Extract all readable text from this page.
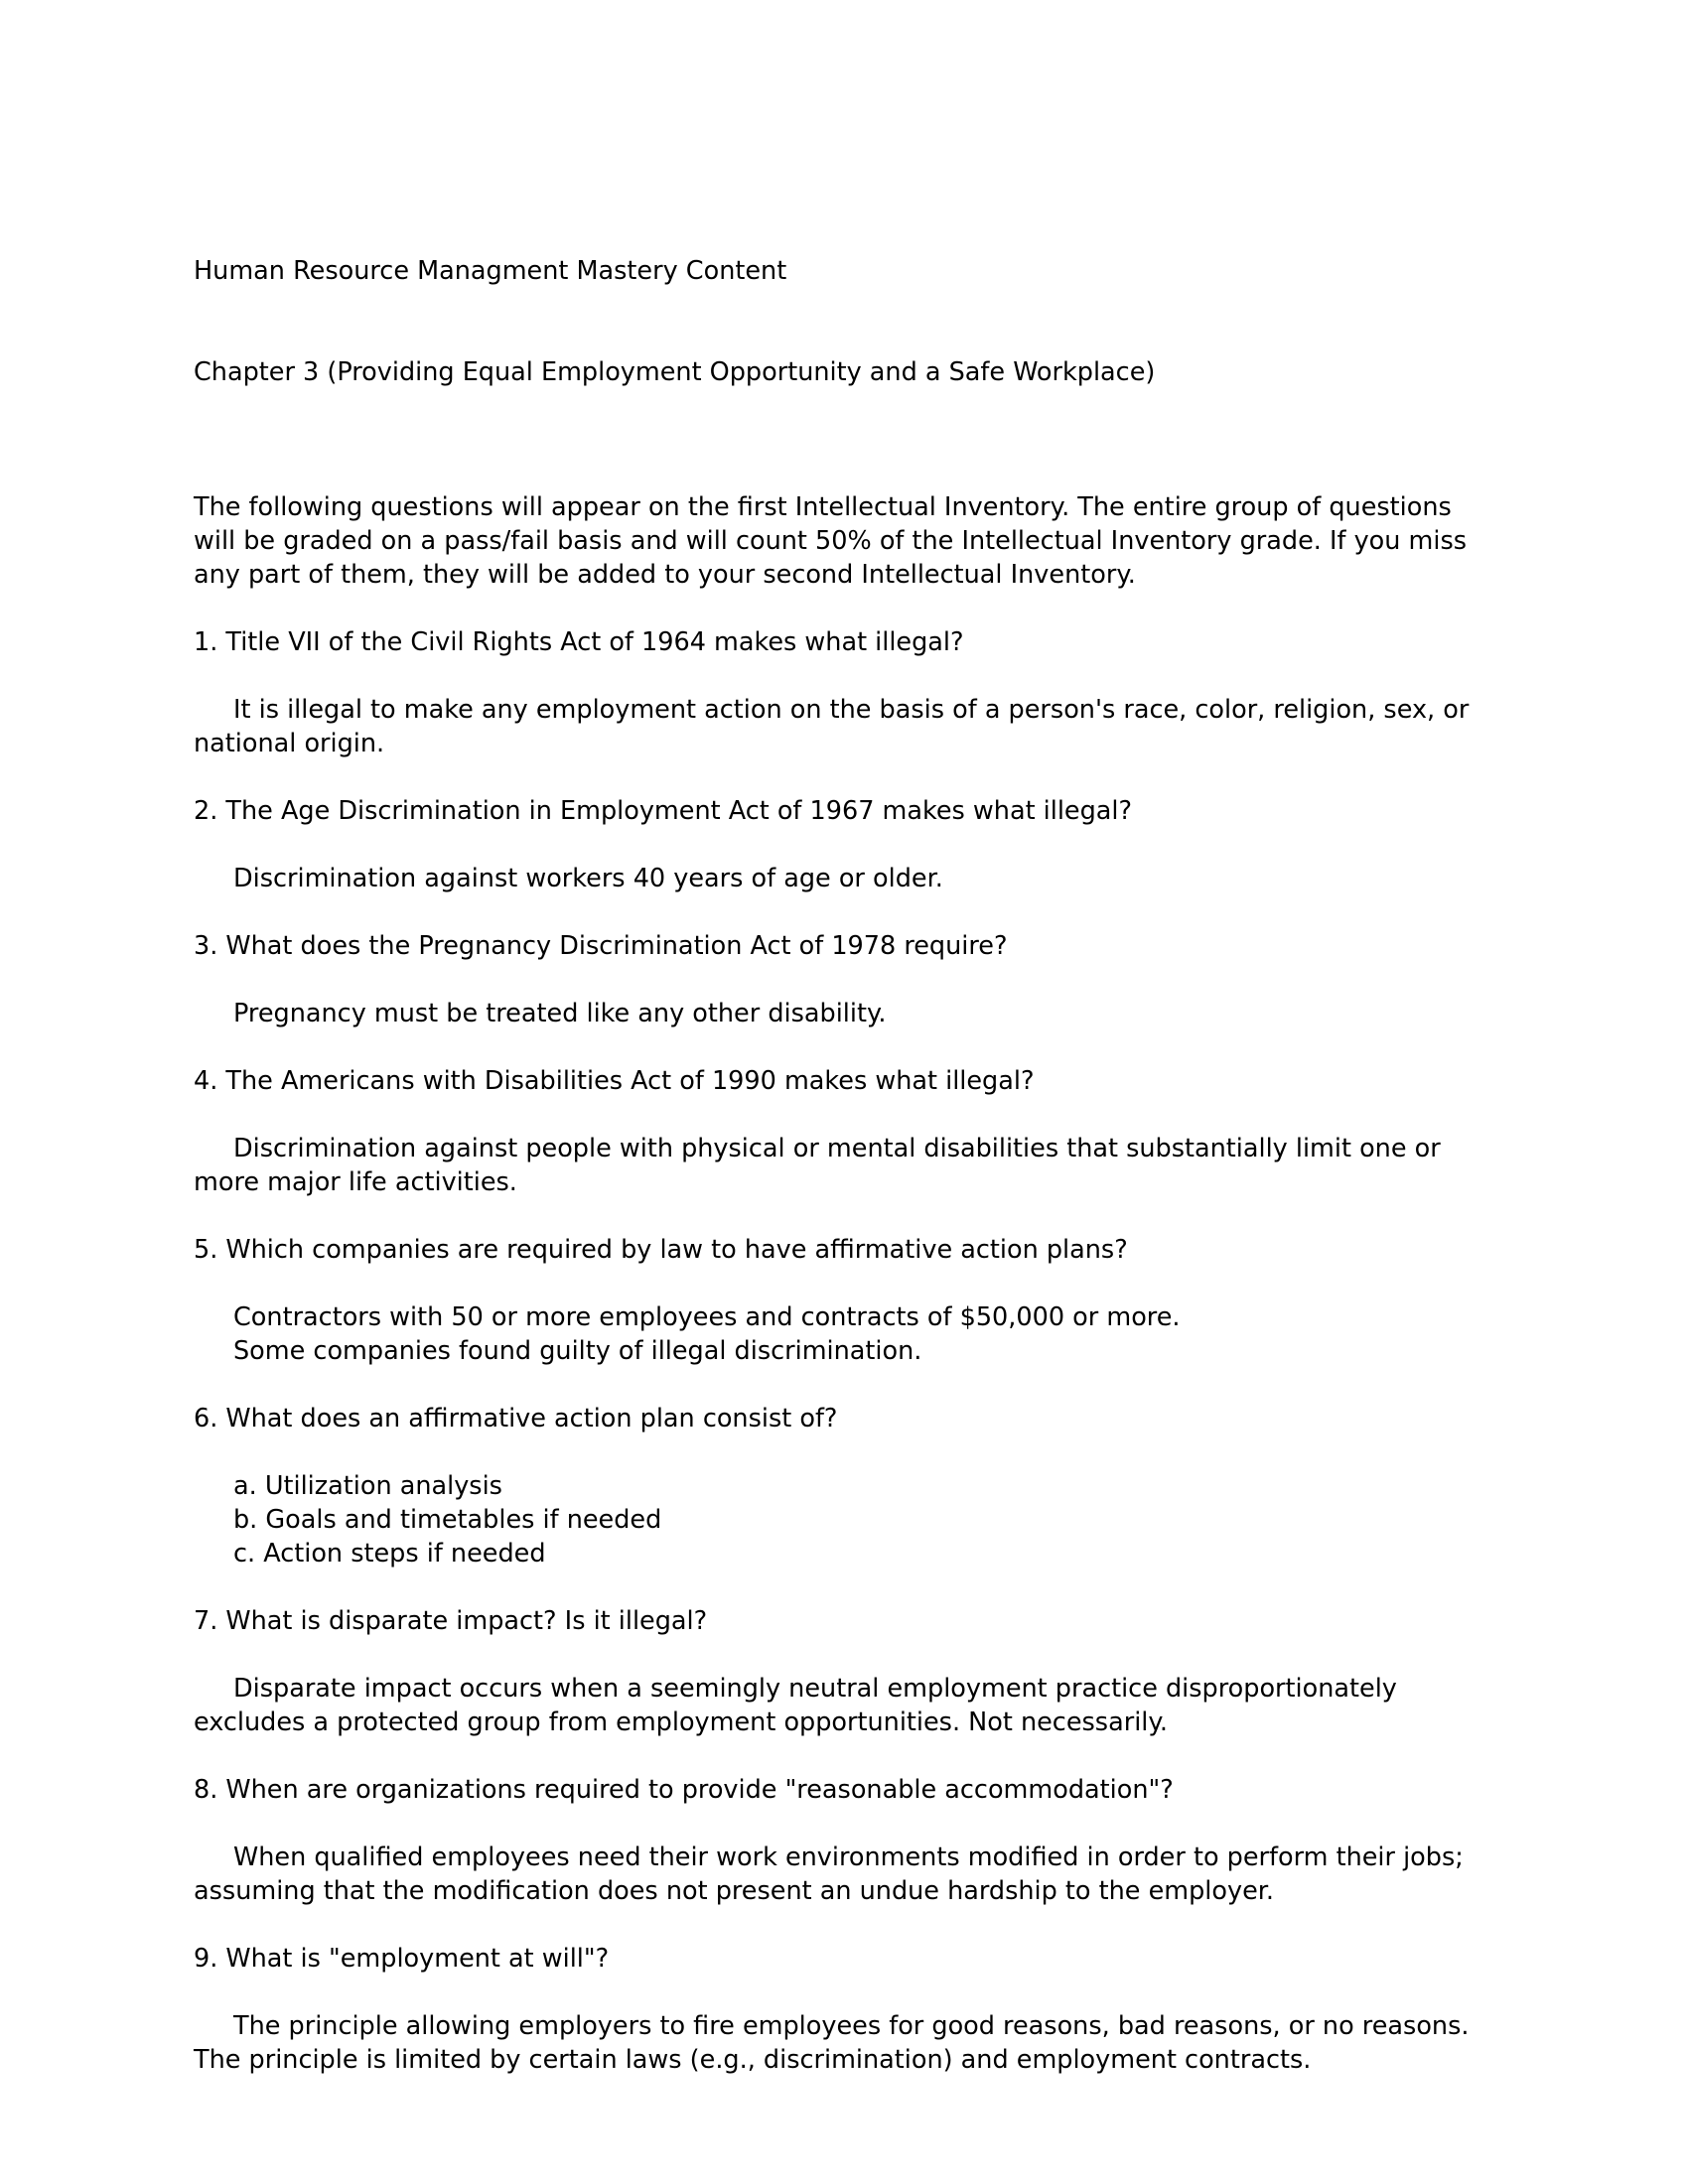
Human Resource Managment Mastery Content

Chapter 3 (Providing Equal Employment Opportunity and a Safe Workplace)

The following questions will appear on the first Intellectual Inventory. The entire group of questions will be graded on a pass/fail basis and will count 50% of the Intellectual Inventory grade. If you miss any part of them, they will be added to your second Intellectual Inventory.

1. Title VII of the Civil Rights Act of 1964 makes what illegal?

It is illegal to make any employment action on the basis of a person's race, color, religion, sex, or national origin.

2. The Age Discrimination in Employment Act of 1967 makes what illegal?

Discrimination against workers 40 years of age or older.

3. What does the Pregnancy Discrimination Act of 1978 require?

Pregnancy must be treated like any other disability.

4. The Americans with Disabilities Act of 1990 makes what illegal?

Discrimination against people with physical or mental disabilities that substantially limit one or more major life activities.

5. Which companies are required by law to have affirmative action plans?

Contractors with 50 or more employees and contracts of $50,000 or more.
Some companies found guilty of illegal discrimination.

6. What does an affirmative action plan consist of?

a. Utilization analysis
b. Goals and timetables if needed
c. Action steps if needed

7. What is disparate impact? Is it illegal?

Disparate impact occurs when a seemingly neutral employment practice disproportionately excludes a protected group from employment opportunities. Not necessarily.

8. When are organizations required to provide "reasonable accommodation"?

When qualified employees need their work environments modified in order to perform their jobs; assuming that the modification does not present an undue hardship to the employer.

9. What is "employment at will"?

The principle allowing employers to fire employees for good reasons, bad reasons, or no reasons. The principle is limited by certain laws (e.g., discrimination) and employment contracts.
